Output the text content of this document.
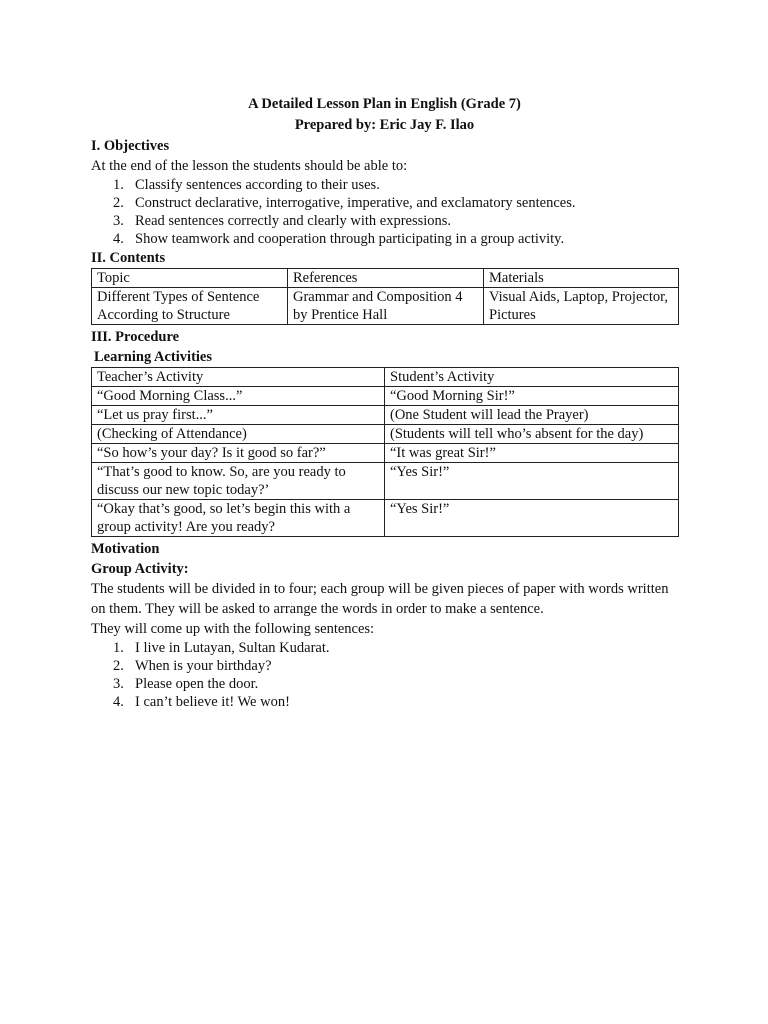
A Detailed Lesson Plan in English (Grade 7)
Prepared by: Eric Jay F. Ilao
I. Objectives
At the end of the lesson the students should be able to:
1. Classify sentences according to their uses.
2. Construct declarative, interrogative, imperative, and exclamatory sentences.
3. Read sentences correctly and clearly with expressions.
4. Show teamwork and cooperation through participating in a group activity.
II. Contents
Topic	References	Materials
Different Types of Sentence According to Structure	Grammar and Composition 4 by Prentice Hall	Visual Aids, Laptop, Projector, Pictures
III. Procedure
Learning Activities
Teacher’s Activity	Student’s Activity
“Good Morning Class...”	“Good Morning Sir!”
“Let us pray first...”	(One Student will lead the Prayer)
(Checking of Attendance)	(Students will tell who’s absent for the day)
“So how’s your day? Is it good so far?”	“It was great Sir!”
“That’s good to know. So, are you ready to discuss our new topic today?’	“Yes Sir!”
“Okay that’s good, so let’s begin this with a group activity! Are you ready?	“Yes Sir!”
Motivation
Group Activity:
The students will be divided in to four; each group will be given pieces of paper with words written on them. They will be asked to arrange the words in order to make a sentence.
They will come up with the following sentences:
1. I live in Lutayan, Sultan Kudarat.
2. When is your birthday?
3. Please open the door.
4. I can’t believe it! We won!
